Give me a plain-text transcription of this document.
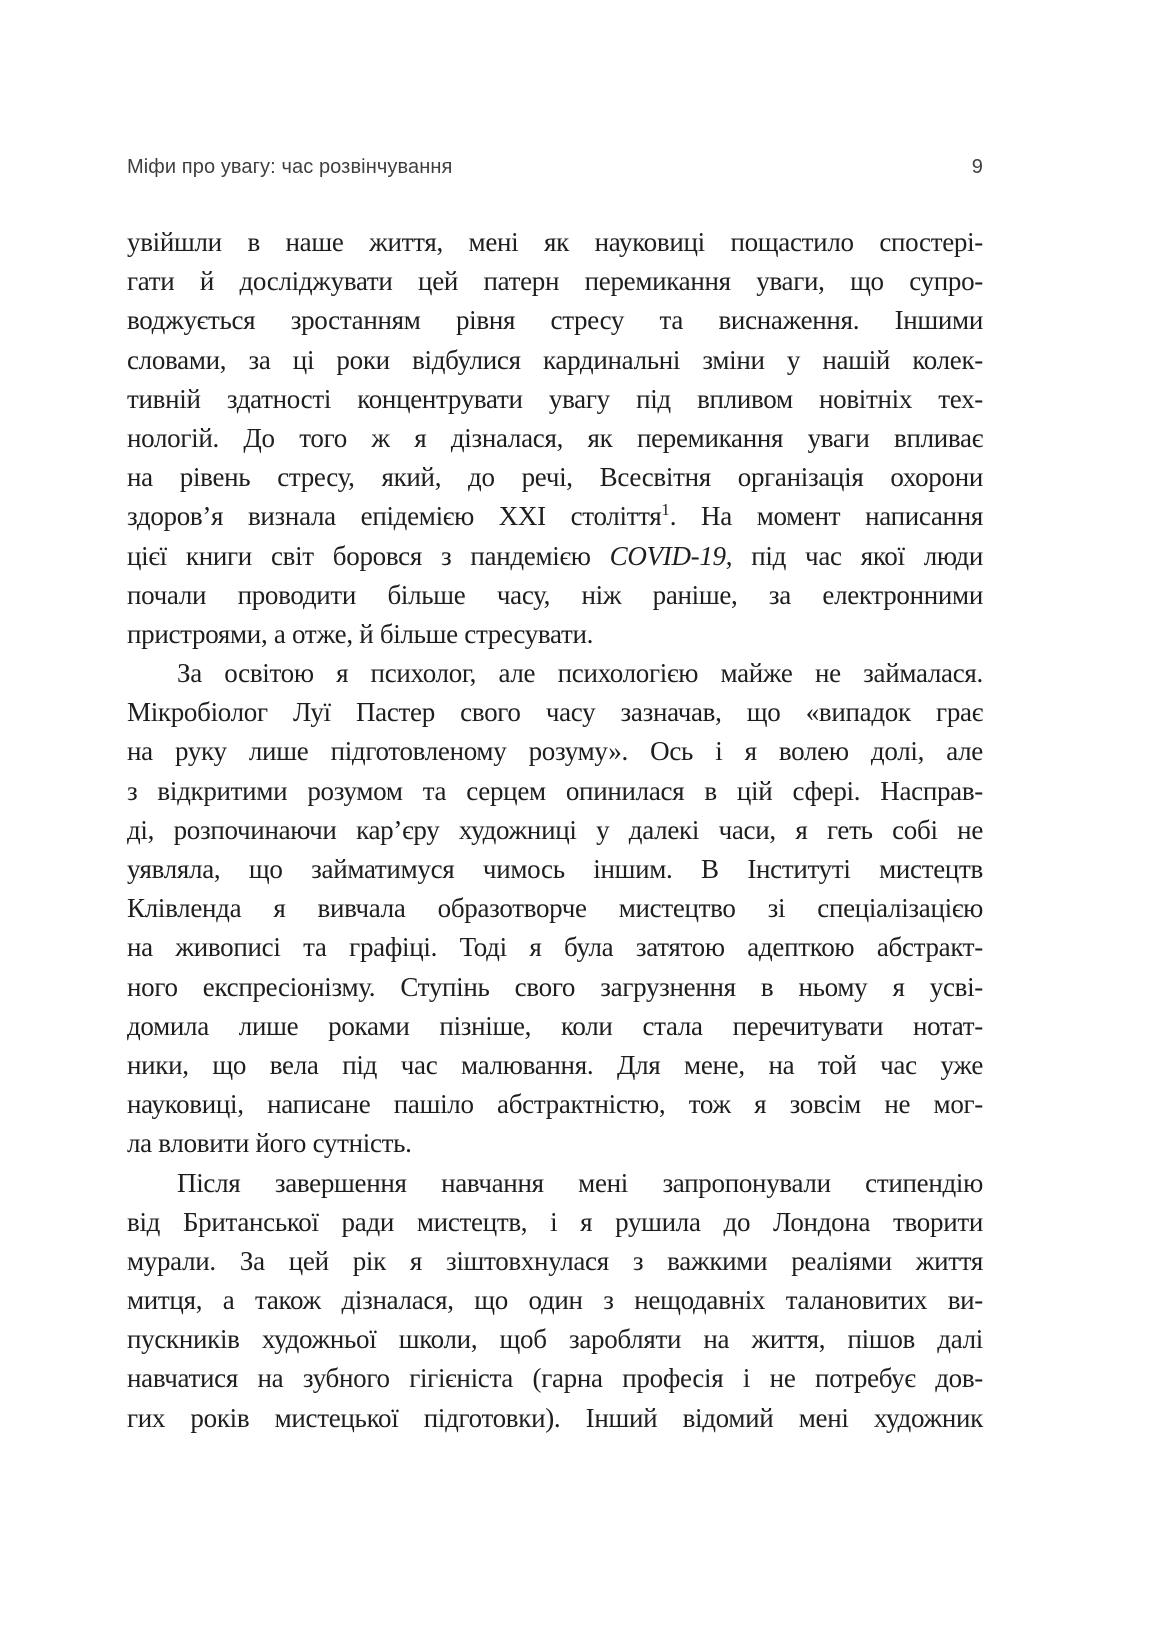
Міфи про увагу: час розвінчування	9
увійшли в наше життя, мені як науковиці пощастило спостері-
гати й досліджувати цей патерн перемикання уваги, що супро-
воджується зростанням рівня стресу та виснаження. Іншими
словами, за ці роки відбулися кардинальні зміни у нашій колек-
тивній здатності концентрувати увагу під впливом новітніх тех-
нологій. До того ж я дізналася, як перемикання уваги впливає
на рівень стресу, який, до речі, Всесвітня організація охорони
здоров’я визнала епідемією XXI століття$^1$. На момент написання
цієї книги світ боровся з пандемією COVID-19, під час якої люди
почали проводити більше часу, ніж раніше, за електронними
пристроями, а отже, й більше стресувати.
За освітою я психолог, але психологією майже не займалася.
Мікробіолог Луї Пастер свого часу зазначав, що «випадок грає
на руку лише підготовленому розуму». Ось і я волею долі, але
з відкритими розумом та серцем опинилася в цій сфері. Насправ-
ді, розпочинаючи кар’єру художниці у далекі часи, я геть собі не
уявляла, що займатимуся чимось іншим. В Інституті мистецтв
Клівленда я вивчала образотворче мистецтво зі спеціалізацією
на живописі та графіці. Тоді я була затятою адепткою абстракт-
ного експресіонізму. Ступінь свого загрузнення в ньому я усві-
домила лише роками пізніше, коли стала перечитувати нотат-
ники, що вела під час малювання. Для мене, на той час уже
науковиці, написане пашіло абстрактністю, тож я зовсім не мог-
ла вловити його сутність.
Після завершення навчання мені запропонували стипендію
від Британської ради мистецтв, і я рушила до Лондона творити
мурали. За цей рік я зіштовхнулася з важкими реаліями життя
митця, а також дізналася, що один з нещодавніх талановитих ви-
пускників художньої школи, щоб заробляти на життя, пішов далі
навчатися на зубного гігієніста (гарна професія і не потребує дов-
гих років мистецької підготовки). Інший відомий мені художник
